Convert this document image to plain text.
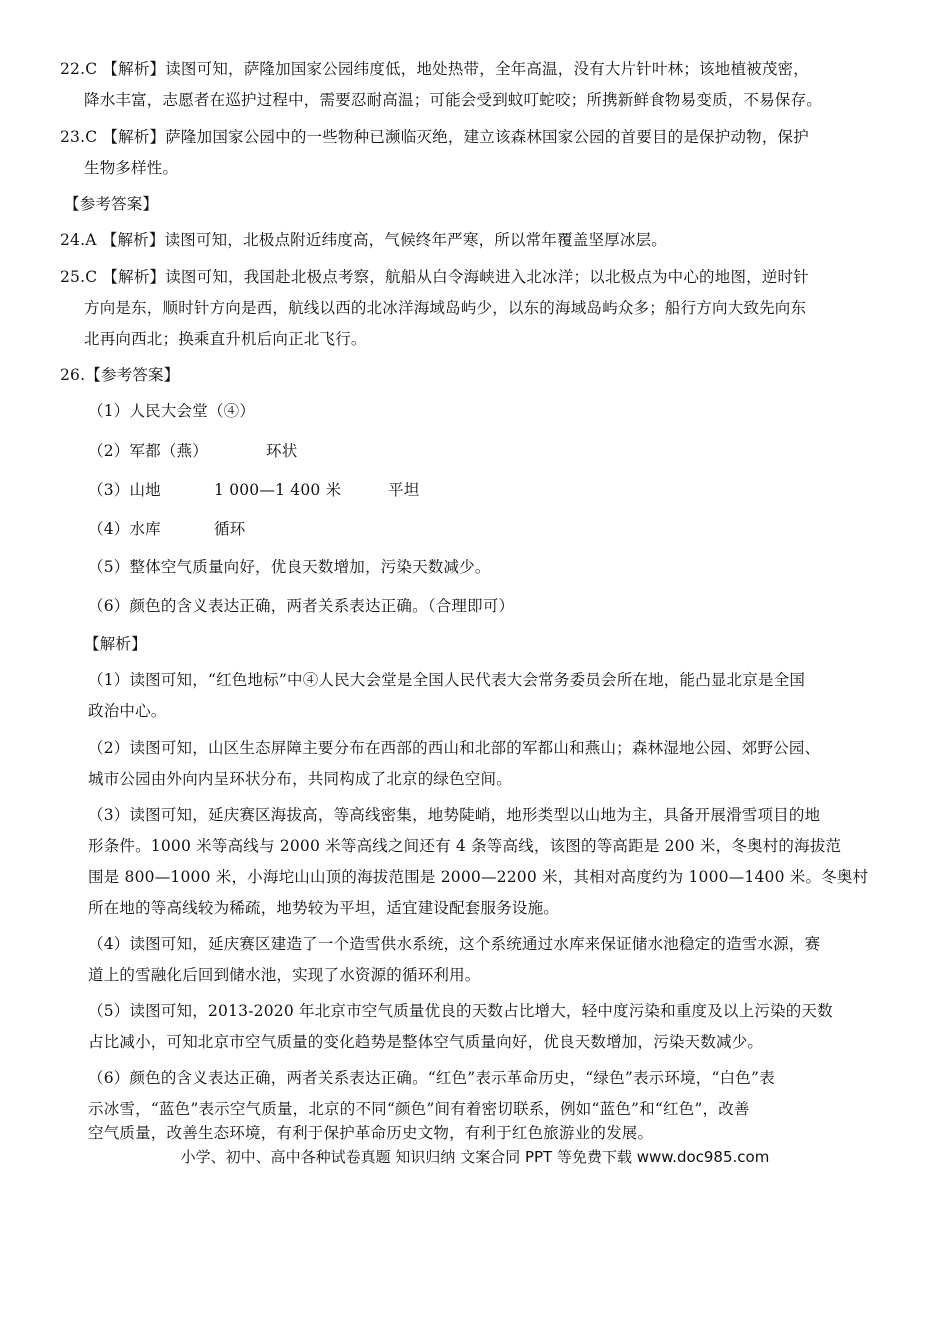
22.C 【解析】读图可知，萨隆加国家公园纬度低，地处热带，全年高温，没有大片针叶林；该地植被茂密，
降水丰富，志愿者在巡护过程中，需要忍耐高温；可能会受到蚊叮蛇咬；所携新鲜食物易变质，不易保存。
23.C 【解析】萨隆加国家公园中的一些物种已濒临灭绝，建立该森林国家公园的首要目的是保护动物，保护
生物多样性。
【参考答案】
24.A 【解析】读图可知，北极点附近纬度高，气候终年严寒，所以常年覆盖坚厚冰层。
25.C 【解析】读图可知，我国赴北极点考察，航船从白令海峡进入北冰洋；以北极点为中心的地图，逆时针
方向是东，顺时针方向是西，航线以西的北冰洋海域岛屿少，以东的海域岛屿众多；船行方向大致先向东
北再向西北；换乘直升机后向正北飞行。
26.【参考答案】
（1）人民大会堂（④）
（2）军都（燕）	环状
（3）山地	1 000—1 400 米	平坦
（4）水库	循环
（5）整体空气质量向好，优良天数增加，污染天数减少。
（6）颜色的含义表达正确，两者关系表达正确。（合理即可）
【解析】
（1）读图可知，“红色地标”中④人民大会堂是全国人民代表大会常务委员会所在地，能凸显北京是全国
政治中心。
（2）读图可知，山区生态屏障主要分布在西部的西山和北部的军都山和燕山；森林湿地公园、郊野公园、
城市公园由外向内呈环状分布，共同构成了北京的绿色空间。
（3）读图可知，延庆赛区海拔高，等高线密集，地势陡峭，地形类型以山地为主，具备开展滑雪项目的地
形条件。1000 米等高线与 2000 米等高线之间还有 4 条等高线，该图的等高距是 200 米，冬奥村的海拔范
围是 800—1000 米，小海坨山山顶的海拔范围是 2000—2200 米，其相对高度约为 1000—1400 米。冬奥村
所在地的等高线较为稀疏，地势较为平坦，适宜建设配套服务设施。
（4）读图可知，延庆赛区建造了一个造雪供水系统，这个系统通过水库来保证储水池稳定的造雪水源，赛
道上的雪融化后回到储水池，实现了水资源的循环利用。
（5）读图可知，2013-2020 年北京市空气质量优良的天数占比增大，轻中度污染和重度及以上污染的天数
占比减小，可知北京市空气质量的变化趋势是整体空气质量向好，优良天数增加，污染天数减少。
（6）颜色的含义表达正确，两者关系表达正确。“红色”表示革命历史，“绿色”表示环境，“白色”表
示冰雪，“蓝色”表示空气质量，北京的不同“颜色”间有着密切联系，例如“蓝色”和“红色”，改善
空气质量，改善生态环境，有利于保护革命历史文物，有利于红色旅游业的发展。
小学、初中、高中各种试卷真题 知识归纳 文案合同 PPT 等免费下载 www.doc985.com
